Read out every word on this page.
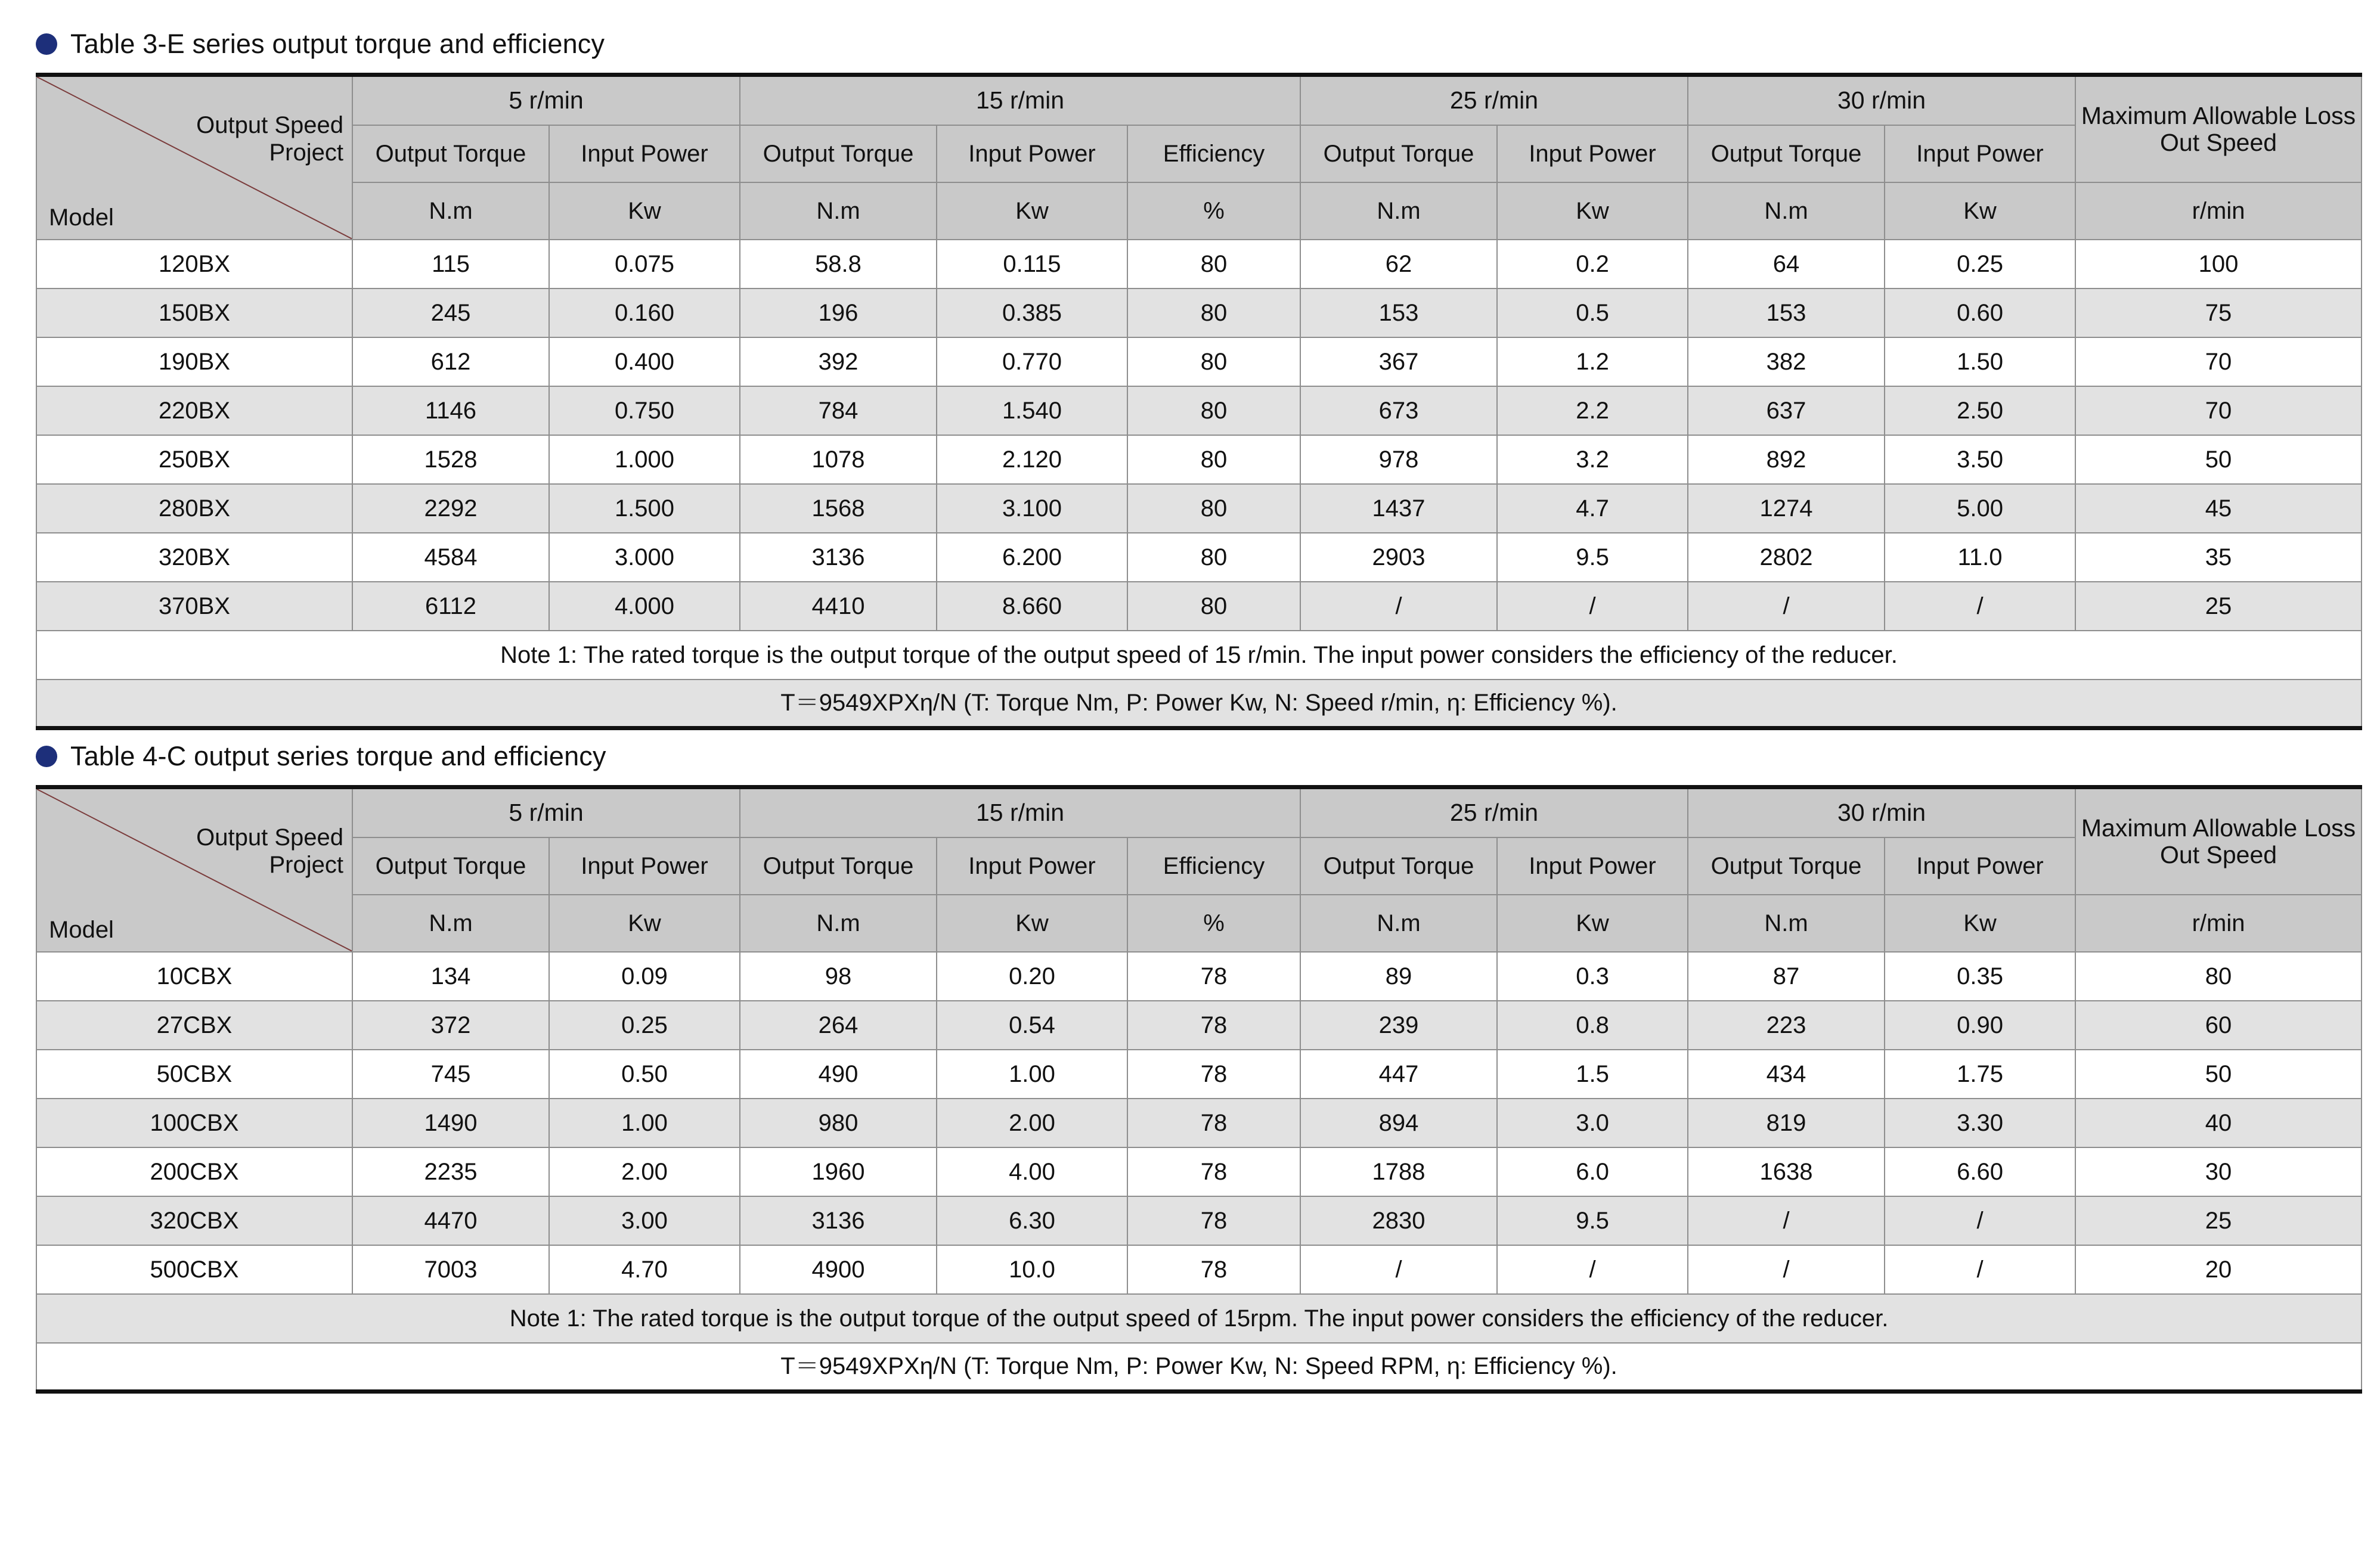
Table 3-E series output torque and efficiency
Output Speed
Project
Model	5 r/min		15 r/min			25 r/min		30 r/min		Maximum Allowable Loss Out Speed

	Output Torque	Input Power	Output Torque	Input Power	Efficiency	Output Torque	Input Power	Output Torque	Input Power	
	N.m	Kw	N.m	Kw	%	N.m	Kw	N.m	Kw	r/min
120BX	115	0.075	58.8	0.115	80	62	0.2	64	0.25	100
150BX	245	0.160	196	0.385	80	153	0.5	153	0.60	75
190BX	612	0.400	392	0.770	80	367	1.2	382	1.50	70
220BX	1146	0.750	784	1.540	80	673	2.2	637	2.50	70
250BX	1528	1.000	1078	2.120	80	978	3.2	892	3.50	50
280BX	2292	1.500	1568	3.100	80	1437	4.7	1274	5.00	45
320BX	4584	3.000	3136	6.200	80	2903	9.5	2802	11.0	35
370BX	6112	4.000	4410	8.660	80	/	/	/	/	25
Note 1: The rated torque is the output torque of the output speed of 15 r/min. The input power considers the efficiency of the reducer.										
T＝9549XPXη/N (T: Torque Nm, P: Power Kw, N: Speed r/min, η: Efficiency %).										
Table 4-C output series torque and efficiency
Output Speed
Project
Model	5 r/min		15 r/min			25 r/min		30 r/min		Maximum Allowable Loss Out Speed

	Output Torque	Input Power	Output Torque	Input Power	Efficiency	Output Torque	Input Power	Output Torque	Input Power	
	N.m	Kw	N.m	Kw	%	N.m	Kw	N.m	Kw	r/min
10CBX	134	0.09	98	0.20	78	89	0.3	87	0.35	80
27CBX	372	0.25	264	0.54	78	239	0.8	223	0.90	60
50CBX	745	0.50	490	1.00	78	447	1.5	434	1.75	50
100CBX	1490	1.00	980	2.00	78	894	3.0	819	3.30	40
200CBX	2235	2.00	1960	4.00	78	1788	6.0	1638	6.60	30
320CBX	4470	3.00	3136	6.30	78	2830	9.5	/	/	25
500CBX	7003	4.70	4900	10.0	78	/	/	/	/	20
Note 1: The rated torque is the output torque of the output speed of 15rpm. The input power considers the efficiency of the reducer.										
T＝9549XPXη/N (T: Torque Nm, P: Power Kw, N: Speed RPM, η: Efficiency %).										
